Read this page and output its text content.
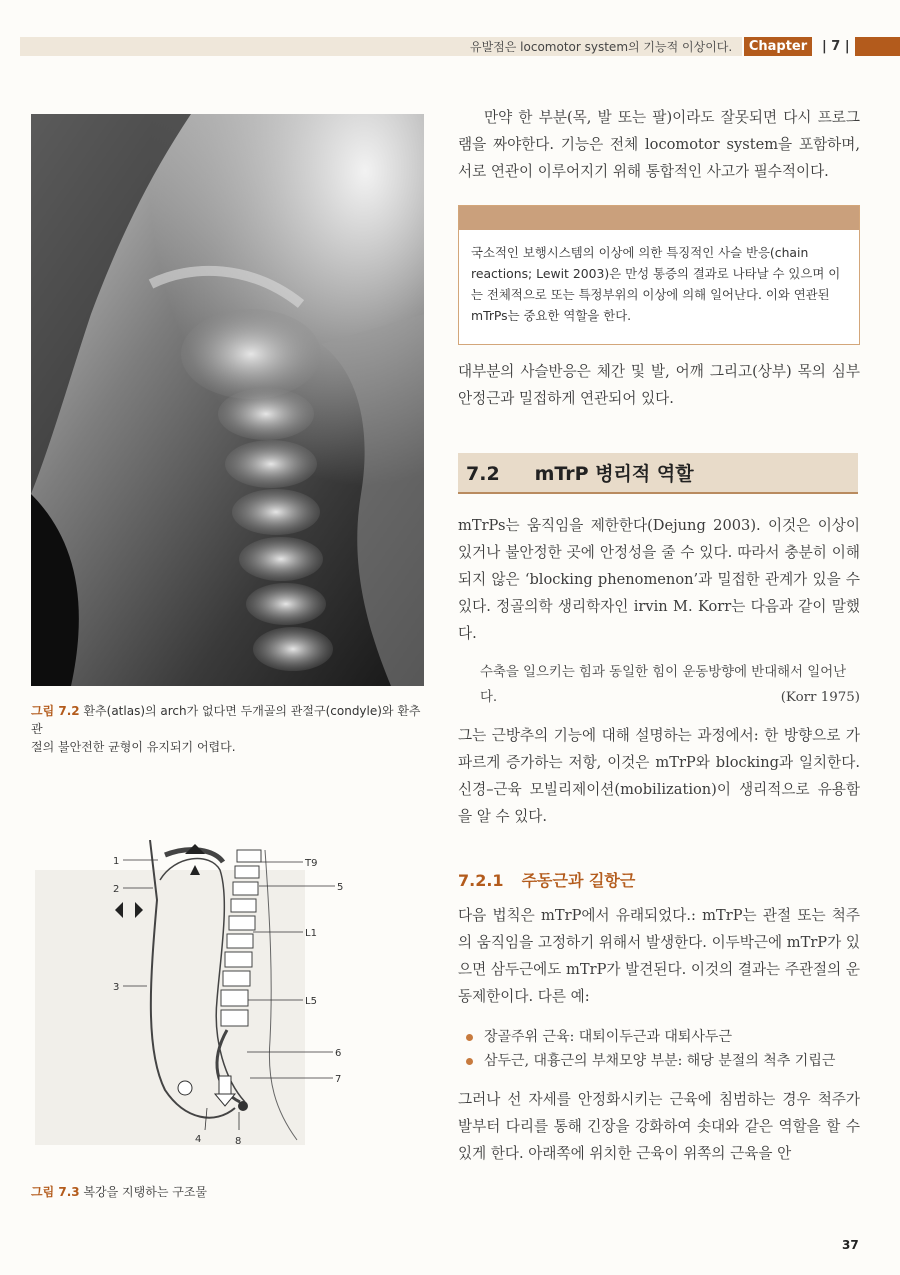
유발점은 locomotor system의 기능적 이상이다.	Chapter	| 7 |
그림 7.2 환추(atlas)의 arch가 없다면 두개골의 관절구(condyle)와 환추 관
절의 불안전한 균형이 유지되기 어렵다.
1
2
3
4
5
6
7
8
T9
L1
L5
그림 7.3 복강을 지탱하는 구조물

만약 한 부분(목, 발 또는 팔)이라도 잘못되면 다시 프로그램을 짜야한다. 기능은 전체 locomotor system을 포함하며, 서로 연관이 이루어지기 위해 통합적인 사고가 필수적이다.

국소적인 보행시스템의 이상에 의한 특징적인 사슬 반응(chain reactions; Lewit 2003)은 만성 통증의 결과로 나타날 수 있으며 이는 전체적으로 또는 특정부위의 이상에 의해 일어난다. 이와 연관된 mTrPs는 중요한 역할을 한다.

대부분의 사슬반응은 체간 및 발, 어깨 그리고(상부) 목의 심부 안정근과 밀접하게 연관되어 있다.

7.2 mTrP 병리적 역할

mTrPs는 움직임을 제한한다(Dejung 2003). 이것은 이상이 있거나 불안정한 곳에 안정성을 줄 수 있다. 따라서 충분히 이해되지 않은 ‘blocking phenomenon’과 밀접한 관계가 있을 수 있다. 정골의학 생리학자인 irvin M. Korr는 다음과 같이 말했다.

수축을 일으키는 힘과 동일한 힘이 운동방향에 반대해서 일어난다.	(Korr 1975)

그는 근방추의 기능에 대해 설명하는 과정에서: 한 방향으로 가파르게 증가하는 저항, 이것은 mTrP와 blocking과 일치한다. 신경–근육 모빌리제이션(mobilization)이 생리적으로 유용함을 알 수 있다.

7.2.1 주동근과 길항근

다음 법칙은 mTrP에서 유래되었다.: mTrP는 관절 또는 척주의 움직임을 고정하기 위해서 발생한다. 이두박근에 mTrP가 있으면 삼두근에도 mTrP가 발견된다. 이것의 결과는 주관절의 운동제한이다. 다른 예:

장골주위 근육: 대퇴이두근과 대퇴사두근
삼두근, 대흉근의 부채모양 부분: 해당 분절의 척추 기립근

그러나 선 자세를 안정화시키는 근육에 침범하는 경우 척주가 발부터 다리를 통해 긴장을 강화하여 솟대와 같은 역할을 할 수 있게 한다. 아래쪽에 위치한 근육이 위쪽의 근육을 안

37
